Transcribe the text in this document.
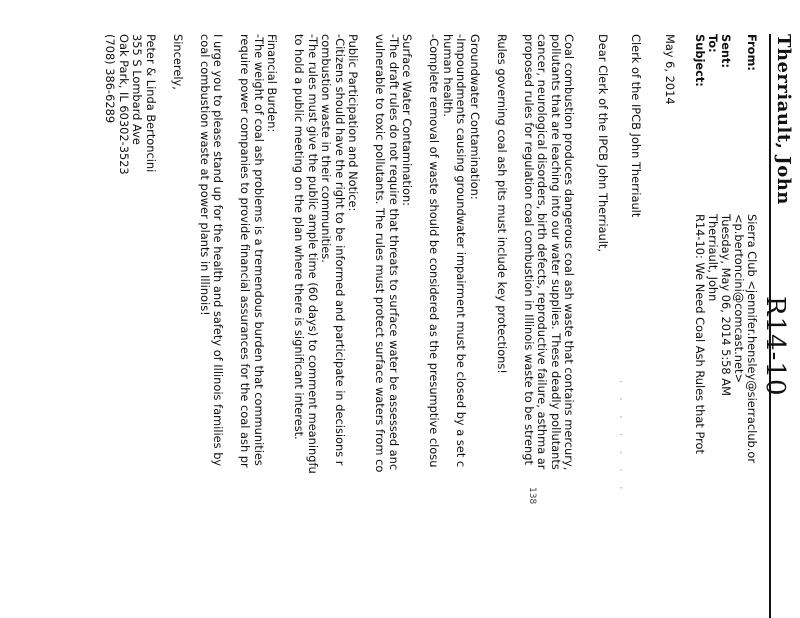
Therriault, John
R14-10
From:
Sierra Club <jennifer.hensley@sierraclub.or
<p.bertoncini@comcast.net>
Sent:
Tuesday, May 06, 2014 5:58 AM
To:
Therriault, John
Subject:
R14-10: We Need Coal Ash Rules that Prot
May 6, 2014
Clerk of the IPCB John Therriault
Dear Clerk of the IPCB John Therriault,
Coal combustion produces dangerous coal ash waste that contains mercury,
pollutants that are leaching into our water supplies. These deadly pollutants
cancer, neurological disorders, birth defects, reproductive failure, asthma ar
proposed rules for regulation coal combustion in Illinois waste to be strengt
Rules governing coal ash pits must include key protections!
Groundwater Contamination:
-Impoundments causing groundwater impairment must be closed by a set c
human health.
-Complete removal of waste should be considered as the presumptive closu
Surface Water Contamination:
-The draft rules do not require that threats to surface water be assessed anc
vulnerable to toxic pollutants. The rules must protect surface waters from co
Public Participation and Notice:
-Citizens should have the right to be informed and participate in decisions r
combustion waste in their communities.
-The rules must give the public ample time (60 days) to comment meaningfu
to hold a public meeting on the plan where there is significant interest.
Financial Burden:
-The weight of coal ash problems is a tremendous burden that communities
require power companies to provide financial assurances for the coal ash pr
I urge you to please stand up for the health and safety of Illinois families by
coal combustion waste at power plants in Illinois!
Sincerely,
Peter & Linda Bertoncini
355 S Lombard Ave
Oak Park, IL 60302-3523
(708) 386-6289
· · · · · · ·
138
